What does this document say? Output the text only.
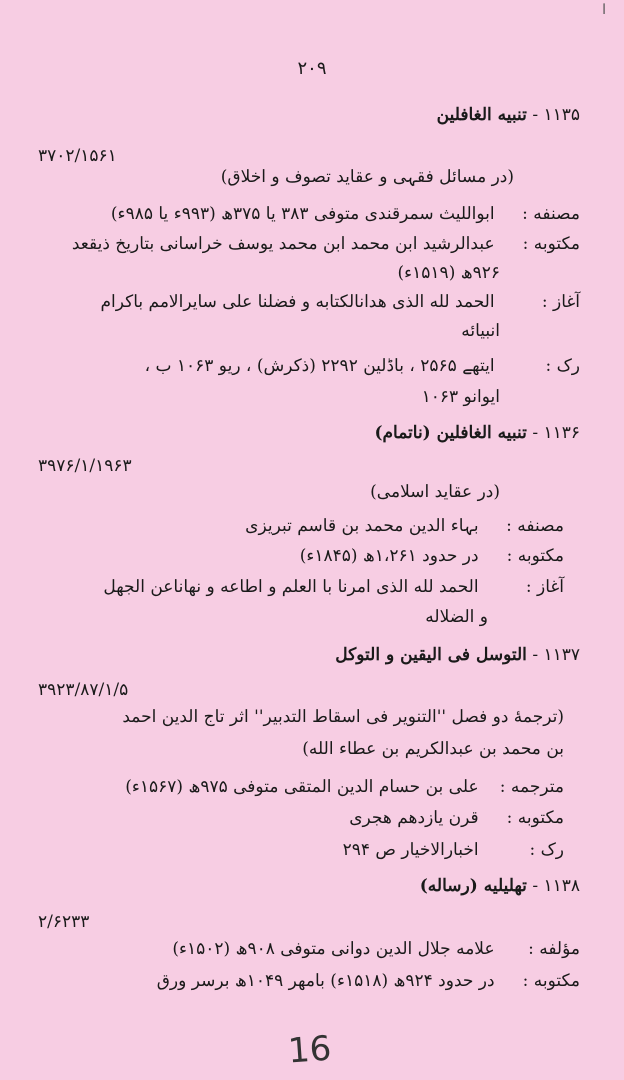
ا
۲۰۹
۱۱۳۵ - تنبیه الغافلین
۳۷۰۲/۱۵۶۱
(در مسائل فقہی و عقاید تصوف و اخلاق)
مصنفه : ابواللیث سمرقندی متوفی ۳۸۳ یا ۳۷۵ھ (۹۹۳ء یا ۹۸۵ء)
مکتوبه : عبدالرشید ابن محمد ابن محمد یوسف خراسانی بتاریخ ذیقعد
۹۲۶ھ (۱۵۱۹ء)
آغاز : الحمد لله الذی هدانالکتابه و فضلنا علی سایرالامم باکرام
انبیائه
رک : ایتھے ۲۵۶۵ ، باڈلین ۲۲۹۲ (ذکرش) ، ریو ۱۰۶۳ ب ،
ایوانو ۱۰۶۳
۱۱۳۶ - تنبیه الغافلین (ناتمام)
۳۹۷۶/۱/۱۹۶۳
(در عقاید اسلامی)
مصنفه : بہاء الدین محمد بن قاسم تبریزی
مکتوبه : در حدود ۱،۲۶۱ھ (۱۸۴۵ء)
آغاز : الحمد لله الذی امرنا با العلم و اطاعه و نهاناعن الجهل
و الضلاله
۱۱۳۷ - التوسل فی الیقین و التوکل
۳۹۲۳/۸۷/۱/۵
(ترجمهٔ دو فصل ''التنویر فی اسقاط التدبیر'' اثر تاج الدین احمد
بن محمد بن عبدالکریم بن عطاء الله)
مترجمه : علی بن حسام الدین المتقی متوفی ۹۷۵ھ (۱۵۶۷ء)
مکتوبه : قرن یازدهم هجری
رک : اخبارالاخیار ص ۲۹۴
۱۱۳۸ - تهلیلیه (رساله)
۲/۶۲۳۳
مؤلفه : علامه جلال الدین دوانی متوفی ۹۰۸ھ (۱۵۰۲ء)
مکتوبه : در حدود ۹۲۴ھ (۱۵۱۸ء) بامهر ۱۰۴۹ھ برسر ورق
16
